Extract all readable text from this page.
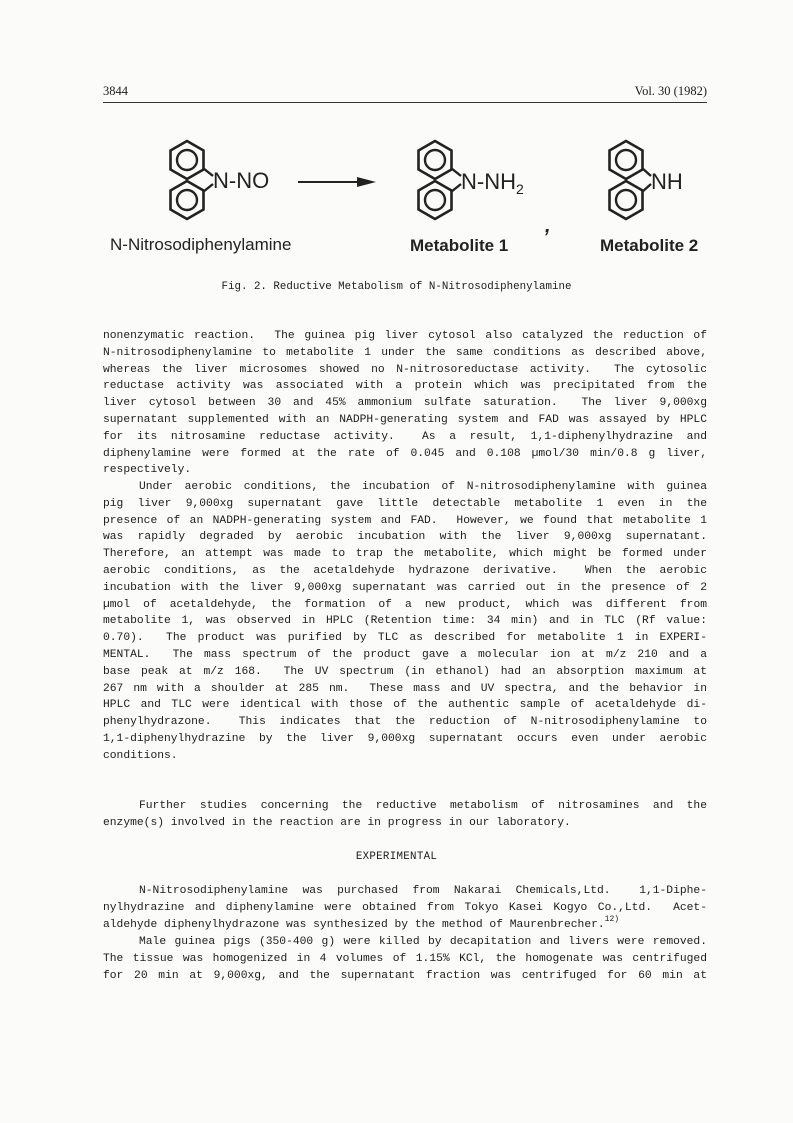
3844	Vol. 30 (1982)
N-NO
N-Nitrosodiphenylamine
$N-NH_2$
Metabolite 1
,
NH
Metabolite 2
Fig. 2. Reductive Metabolism of N-Nitrosodiphenylamine
nonenzymatic reaction.  The guinea pig liver cytosol also catalyzed the reduction of
N-nitrosodiphenylamine to metabolite 1 under the same conditions as described above,
whereas the liver microsomes showed no N-nitrosoreductase activity.  The cytosolic
reductase activity was associated with a protein which was precipitated from the
liver cytosol between 30 and 45% ammonium sulfate saturation.  The liver 9,000xg
supernatant supplemented with an NADPH-generating system and FAD was assayed by HPLC
for its nitrosamine reductase activity.  As a result, 1,1-diphenylhydrazine and
diphenylamine were formed at the rate of 0.045 and 0.108 µmol/30 min/0.8 g liver,
respectively.
Under aerobic conditions, the incubation of N-nitrosodiphenylamine with guinea
pig liver 9,000xg supernatant gave little detectable metabolite 1 even in the
presence of an NADPH-generating system and FAD.  However, we found that metabolite 1
was rapidly degraded by aerobic incubation with the liver 9,000xg supernatant.
Therefore, an attempt was made to trap the metabolite, which might be formed under
aerobic conditions, as the acetaldehyde hydrazone derivative.  When the aerobic
incubation with the liver 9,000xg supernatant was carried out in the presence of 2
µmol of acetaldehyde, the formation of a new product, which was different from
metabolite 1, was observed in HPLC (Retention time: 34 min) and in TLC (Rf value:
0.70).  The product was purified by TLC as described for metabolite 1 in EXPERI-
MENTAL.  The mass spectrum of the product gave a molecular ion at m/z 210 and a
base peak at m/z 168.  The UV spectrum (in ethanol) had an absorption maximum at
267 nm with a shoulder at 285 nm.  These mass and UV spectra, and the behavior in
HPLC and TLC were identical with those of the authentic sample of acetaldehyde di-
phenylhydrazone.  This indicates that the reduction of N-nitrosodiphenylamine to
1,1-diphenylhydrazine by the liver 9,000xg supernatant occurs even under aerobic
conditions.
Further studies concerning the reductive metabolism of nitrosamines and the
enzyme(s) involved in the reaction are in progress in our laboratory.
EXPERIMENTAL
N-Nitrosodiphenylamine was purchased from Nakarai Chemicals,Ltd.  1,1-Diphe-
nylhydrazine and diphenylamine were obtained from Tokyo Kasei Kogyo Co.,Ltd.  Acet-
aldehyde diphenylhydrazone was synthesized by the method of Maurenbrecher.$^{12)}$
Male guinea pigs (350-400 g) were killed by decapitation and livers were removed.
The tissue was homogenized in 4 volumes of 1.15% KCl, the homogenate was centrifuged
for 20 min at 9,000xg, and the supernatant fraction was centrifuged for 60 min at
